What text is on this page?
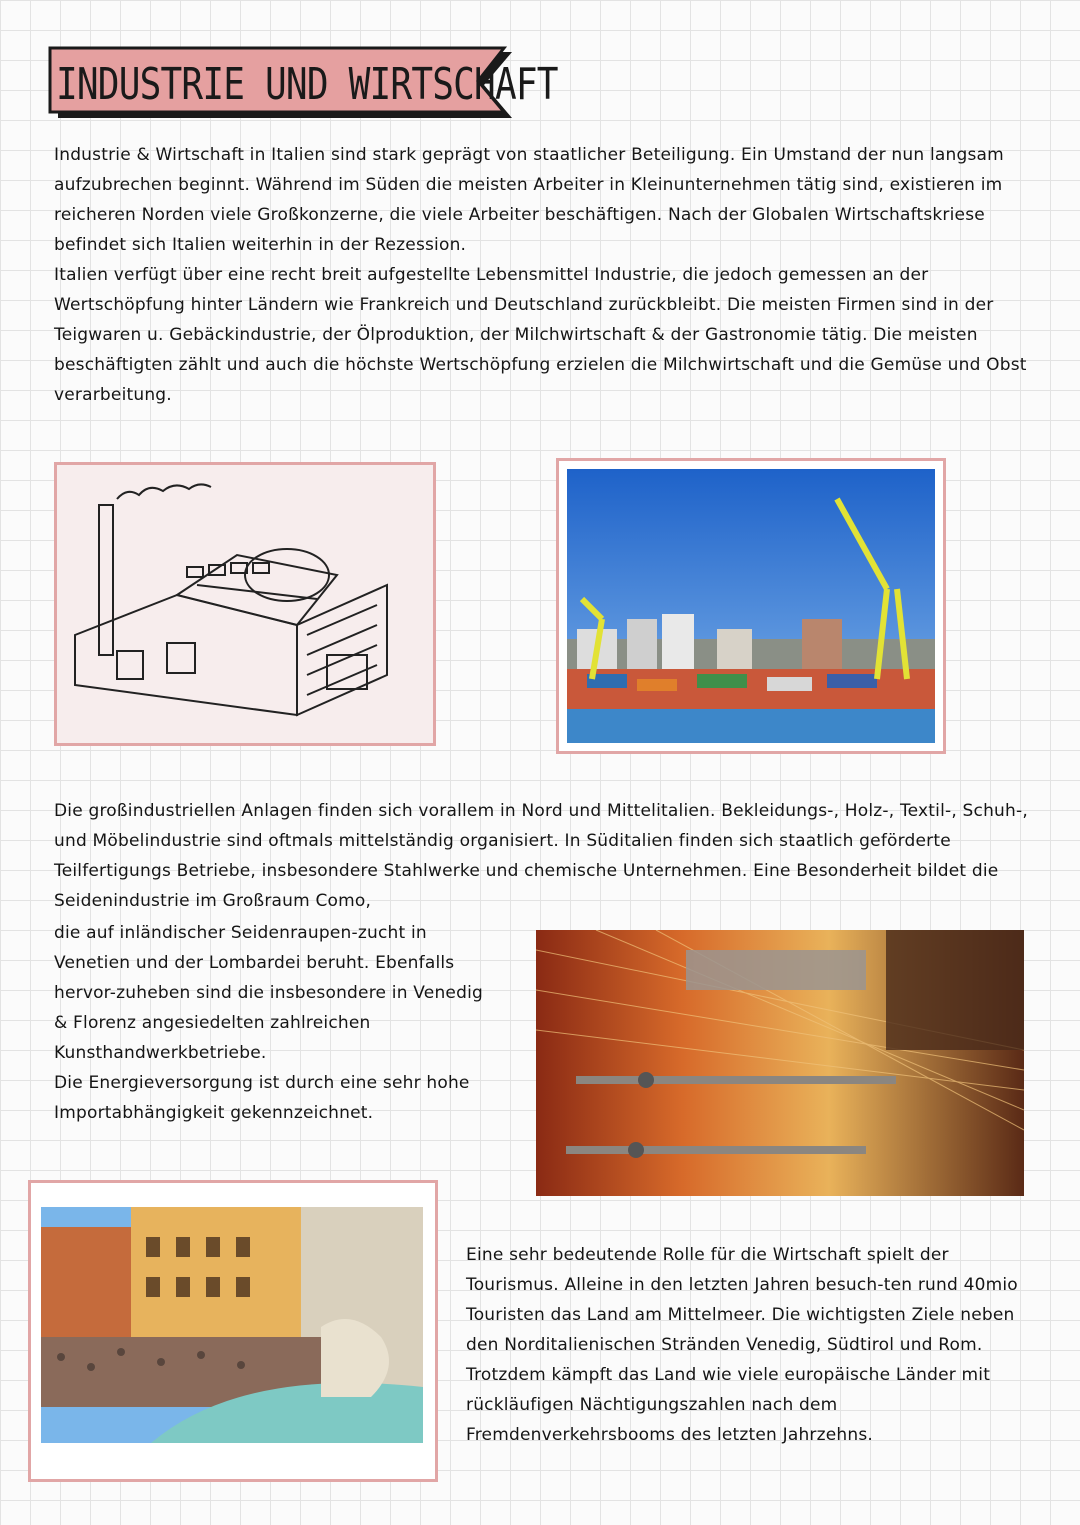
INDUSTRIE UND WIRTSCHAFT

Industrie & Wirtschaft in Italien sind stark geprägt von staatlicher Beteiligung. Ein Umstand der nun langsam aufzubrechen beginnt. Während im Süden die meisten Arbeiter in Kleinunternehmen tätig sind, existieren im reicheren Norden viele Großkonzerne, die viele Arbeiter beschäftigen. Nach der Globalen Wirtschaftskriese befindet sich Italien weiterhin in der Rezession.

Italien verfügt über eine recht breit aufgestellte Lebensmittel Industrie, die jedoch gemessen an der Wertschöpfung hinter Ländern wie Frankreich und Deutschland zurückbleibt. Die meisten Firmen sind in der Teigwaren u. Gebäckindustrie, der Ölproduktion, der Milchwirtschaft & der Gastronomie tätig. Die meisten beschäftigten zählt und auch die höchste Wertschöpfung erzielen die Milchwirtschaft und die Gemüse und Obst verarbeitung.

Die großindustriellen Anlagen finden sich vorallem in Nord und Mittelitalien. Bekleidungs-, Holz-, Textil-, Schuh-, und Möbelindustrie sind oftmals mittelständig organisiert. In Süditalien finden sich staatlich geförderte Teilfertigungs Betriebe, insbesondere Stahlwerke und chemische Unternehmen. Eine Besonderheit bildet die Seidenindustrie im Großraum Como,

die auf inländischer Seidenraupen-zucht in Venetien und der Lombardei beruht. Ebenfalls hervor-zuheben sind die insbesondere in Venedig & Florenz angesiedelten zahlreichen Kunsthandwerkbetriebe.

Die Energieversorgung ist durch eine sehr hohe Importabhängigkeit gekennzeichnet.

Eine sehr bedeutende Rolle für die Wirtschaft spielt der Tourismus. Alleine in den letzten Jahren besuch-ten rund 40mio Touristen das Land am Mittelmeer. Die wichtigsten Ziele neben den Norditalienischen Stränden Venedig, Südtirol und Rom. Trotzdem kämpft das Land wie viele europäische Länder mit rückläufigen Nächtigungszahlen nach dem Fremdenverkehrsbooms des letzten Jahrzehns.
